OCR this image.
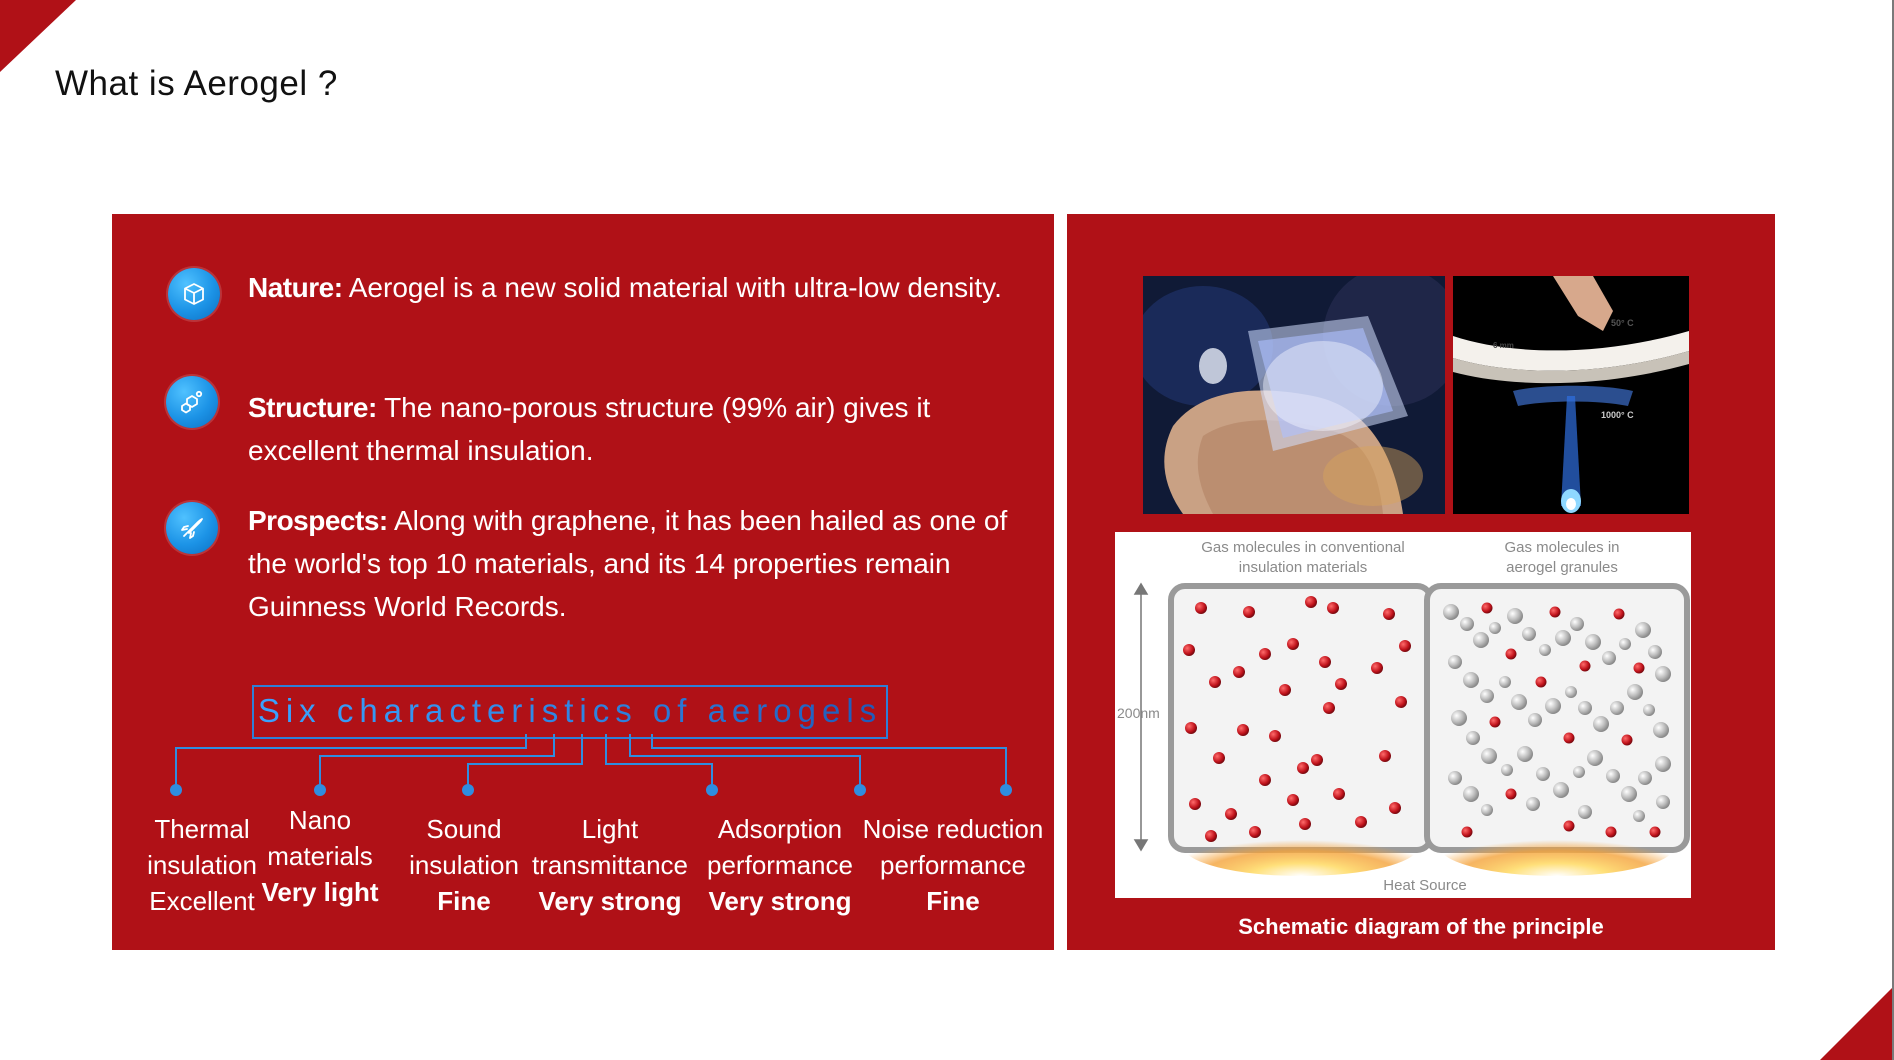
What is Aerogel ?
Nature: Aerogel is a new solid material with ultra-low density.
Structure: The nano-porous structure (99% air) gives it excellent thermal insulation.
Prospects: Along with graphene, it has been hailed as one of the world's top 10 materials, and its 14 properties remain Guinness World Records.
Six characteristics of aerogels
Thermal
insulation
Excellent
Nano
materials
Very light
Sound
insulation
Fine
Light
transmittance
Very strong
Adsorption
performance
Very strong
Noise reduction
performance
Fine
50° C
6 mm
1000° C
Gas molecules in conventional
insulation materials
Gas molecules in
aerogel granules
200nm
Heat Source
Schematic diagram of the principle
